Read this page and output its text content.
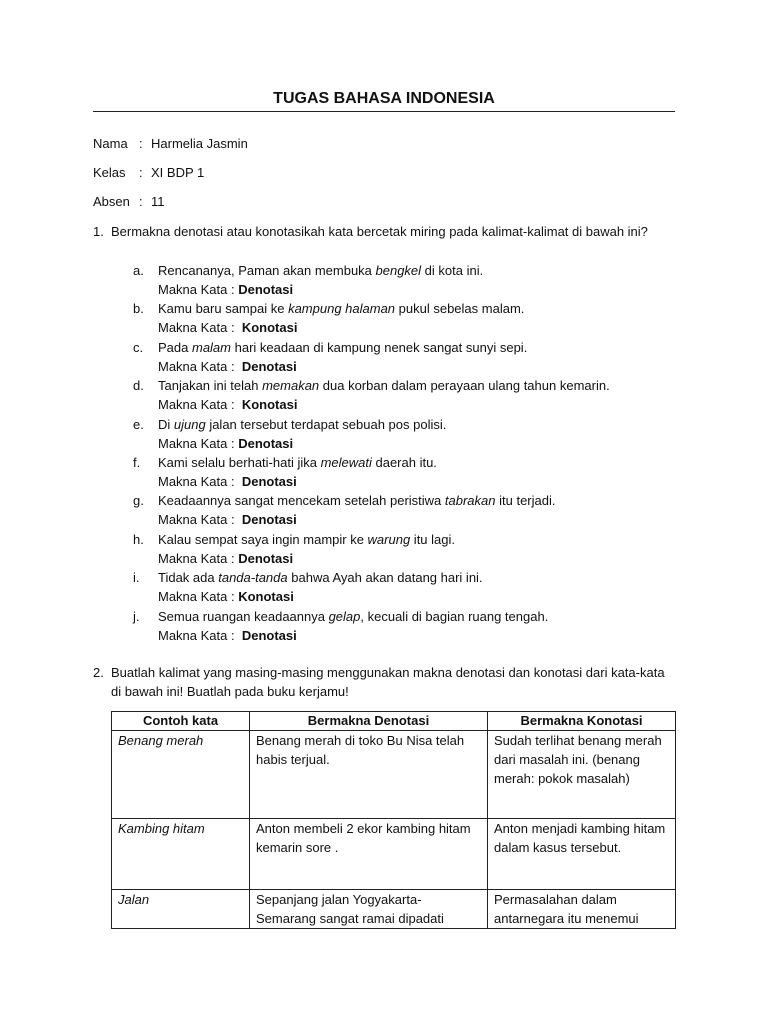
TUGAS BAHASA INDONESIA
Nama : Harmelia Jasmin
Kelas : XI BDP 1
Absen : 11
1. Bermakna denotasi atau konotasikah kata bercetak miring pada kalimat-kalimat di bawah ini?
a. Rencananya, Paman akan membuka bengkel di kota ini.
Makna Kata : Denotasi
b. Kamu baru sampai ke kampung halaman pukul sebelas malam.
Makna Kata :  Konotasi
c. Pada malam hari keadaan di kampung nenek sangat sunyi sepi.
Makna Kata :  Denotasi
d. Tanjakan ini telah memakan dua korban dalam perayaan ulang tahun kemarin.
Makna Kata :  Konotasi
e. Di ujung jalan tersebut terdapat sebuah pos polisi.
Makna Kata : Denotasi
f. Kami selalu berhati-hati jika melewati daerah itu.
Makna Kata :  Denotasi
g. Keadaannya sangat mencekam setelah peristiwa tabrakan itu terjadi.
Makna Kata :  Denotasi
h. Kalau sempat saya ingin mampir ke warung itu lagi.
Makna Kata : Denotasi
i. Tidak ada tanda-tanda bahwa Ayah akan datang hari ini.
Makna Kata : Konotasi
j. Semua ruangan keadaannya gelap, kecuali di bagian ruang tengah.
Makna Kata :  Denotasi
2. Buatlah kalimat yang masing-masing menggunakan makna denotasi dan konotasi dari kata-kata di bawah ini! Buatlah pada buku kerjamu!
Contoh kata	Bermakna Denotasi	Bermakna Konotasi
Benang merah	Benang merah di toko Bu Nisa telah habis terjual.	Sudah terlihat benang merah dari masalah ini. (benang merah: pokok masalah)
Kambing hitam	Anton membeli 2 ekor kambing hitam kemarin sore .	Anton menjadi kambing hitam dalam kasus tersebut.
Jalan	Sepanjang jalan Yogyakarta-Semarang sangat ramai dipadati	Permasalahan dalam antarnegara itu menemui
